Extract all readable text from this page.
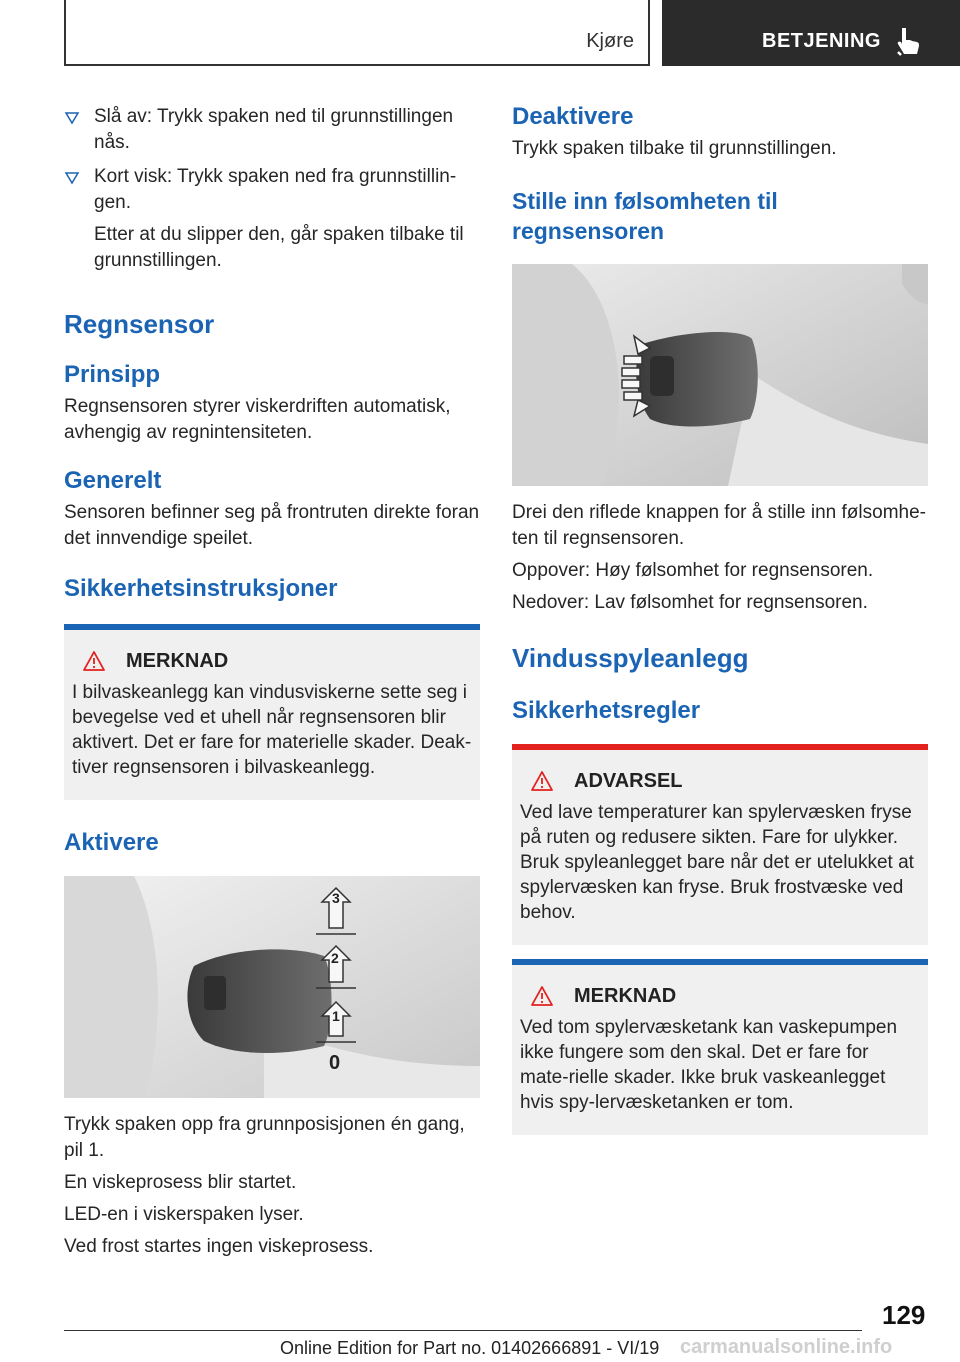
Kjøre	BETJENING
Slå av: Trykk spaken ned til grunnstillingen nås.
Kort visk: Trykk spaken ned fra grunnstillin‐gen.
Etter at du slipper den, går spaken tilbake til grunnstillingen.
Regnsensor
Prinsipp

Regnsensoren styrer viskerdriften automatisk, avhengig av regnintensiteten.

Generelt

Sensoren befinner seg på frontruten direkte foran det innvendige speilet.

Sikkerhetsinstruksjoner
MERKNAD
I bilvaskeanlegg kan vindusviskerne sette seg i bevegelse ved et uhell når regnsensoren blir aktivert. Det er fare for materielle skader. Deak‐tiver regnsensoren i bilvaskeanlegg.
Aktivere
3
2
1
0

Trykk spaken opp fra grunnposisjonen én gang, pil 1.

En viskeprosess blir startet.

LED-en i viskerspaken lyser.

Ved frost startes ingen viskeprosess.

Deaktivere

Trykk spaken tilbake til grunnstillingen.

Stille inn følsomheten til regnsensoren

Drei den riflede knappen for å stille inn følsomhe‐ten til regnsensoren.

Oppover: Høy følsomhet for regnsensoren.

Nedover: Lav følsomhet for regnsensoren.

Vindusspyleanlegg
Sikkerhetsregler
ADVARSEL
Ved lave temperaturer kan spylervæsken fryse på ruten og redusere sikten. Fare for ulykker. Bruk spyleanlegget bare når det er utelukket at spylervæsken kan fryse. Bruk frostvæske ved behov.
MERKNAD
Ved tom spylervæsketank kan vaskepumpen ikke fungere som den skal. Det er fare for mate‐rielle skader. Ikke bruk vaskeanlegget hvis spy‐lervæsketanken er tom.
129
Online Edition for Part no. 01402666891 - VI/19 carmanualsonline.info
